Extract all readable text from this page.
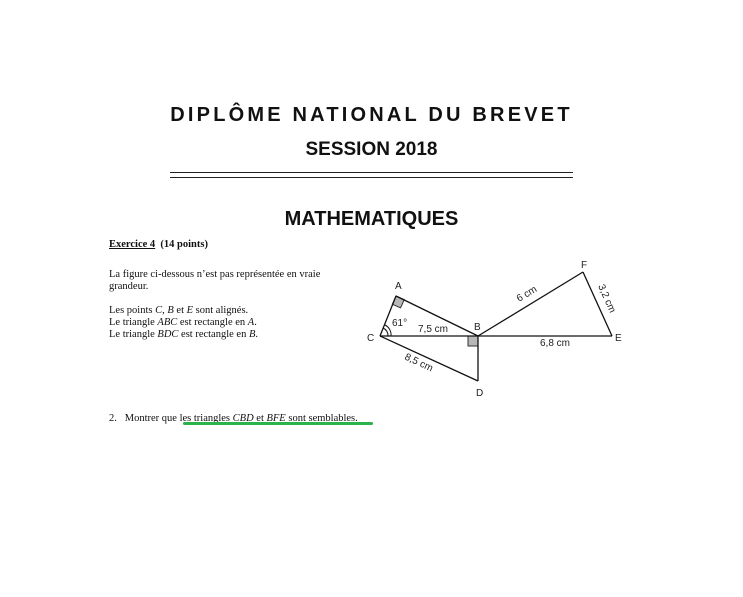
DIPLÔME NATIONAL DU BREVET
SESSION 2018
MATHEMATIQUES
Exercice 4 (14 points)
La figure ci-dessous n’est pas représentée en vraie grandeur.
Les points C, B et E sont alignés.
Le triangle ABC est rectangle en A.
Le triangle BDC est rectangle en B.
2. Montrer que les triangles CBD et BFE sont semblables.
A
B
C
D
E
F
61°
7,5 cm
6,8 cm
8,5 cm
6 cm	3,2 cm
